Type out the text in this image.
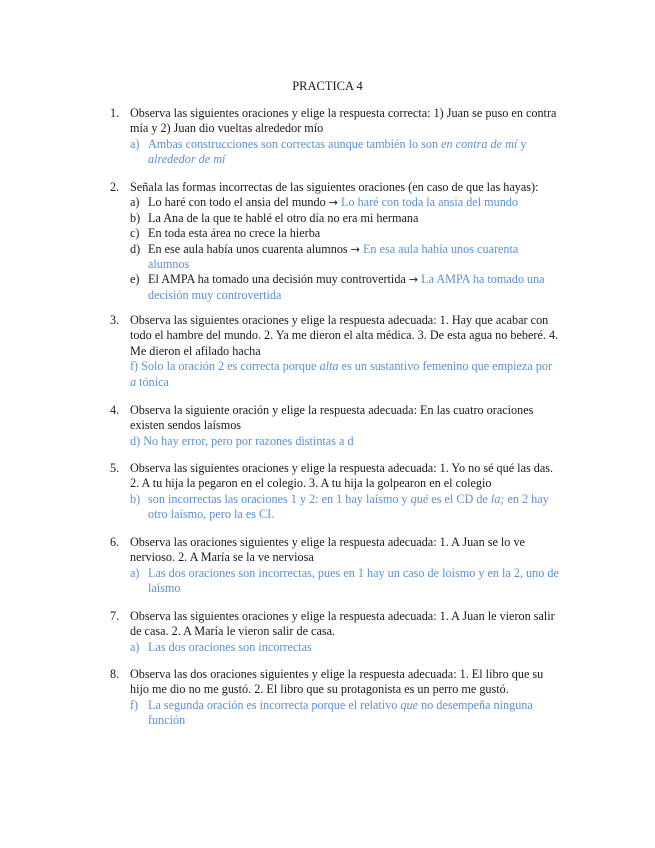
PRACTICA 4
1. Observa las siguientes oraciones y elige la respuesta correcta: 1) Juan se puso en contra mía y 2) Juan dio vueltas alrededor mío
a) Ambas construcciones son correctas aunque también lo son en contra de mí y alrededor de mí
2. Señala las formas incorrectas de las siguientes oraciones (en caso de que las hayas):
a) Lo haré con todo el ansia del mundo → Lo haré con toda la ansia del mundo
b) La Ana de la que te hablé el otro día no era mi hermana
c) En toda esta área no crece la hierba
d) En ese aula había unos cuarenta alumnos → En esa aula había unos cuarenta alumnos
e) El AMPA ha tomado una decisión muy controvertida → La AMPA ha tomado una decisión muy controvertida
3. Observa las siguientes oraciones y elige la respuesta adecuada: 1. Hay que acabar con todo el hambre del mundo. 2. Ya me dieron el alta médica. 3. De esta agua no beberé. 4. Me dieron el afilado hacha
f) Solo la oración 2 es correcta porque alta es un sustantivo femenino que empieza por a tónica
4. Observa la siguiente oración y elige la respuesta adecuada: En las cuatro oraciones existen sendos laísmos
d) No hay error, pero por razones distintas a d
5. Observa las siguientes oraciones y elige la respuesta adecuada: 1. Yo no sé qué las das. 2. A tu hija la pegaron en el colegio. 3. A tu hija la golpearon en el colegio
b) son incorrectas las oraciones 1 y 2: en 1 hay laísmo y qué es el CD de la; en 2 hay otro laísmo, pero la es CI.
6. Observa las oraciones siguientes y elige la respuesta adecuada: 1. A Juan se lo ve nervioso. 2. A María se la ve nerviosa
a) Las dos oraciones son incorrectas, pues en 1 hay un caso de loísmo y en la 2, uno de laísmo
7. Observa las siguientes oraciones y elige la respuesta adecuada: 1. A Juan le vieron salir de casa. 2. A María le vieron salir de casa.
a) Las dos oraciones son incorrectas
8. Observa las dos oraciones siguientes y elige la respuesta adecuada: 1. El libro que su hijo me dio no me gustó. 2. El libro que su protagonista es un perro me gustó.
f) La segunda oración es incorrecta porque el relativo que no desempeña ninguna función
